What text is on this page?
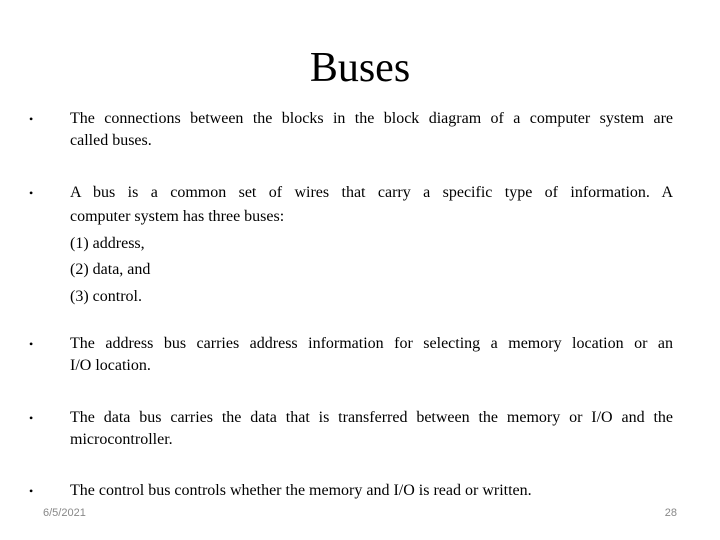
Buses
• The connections between the blocks in the block diagram of a computer system are
called buses.
• A bus is a common set of wires that carry a specific type of information. A
computer system has three buses:
(1) address,
(2) data, and
(3) control.
• The address bus carries address information for selecting a memory location or an
I/O location.
• The data bus carries the data that is transferred between the memory or I/O and the
microcontroller.
• The control bus controls whether the memory and I/O is read or written.
6/5/2021	28
